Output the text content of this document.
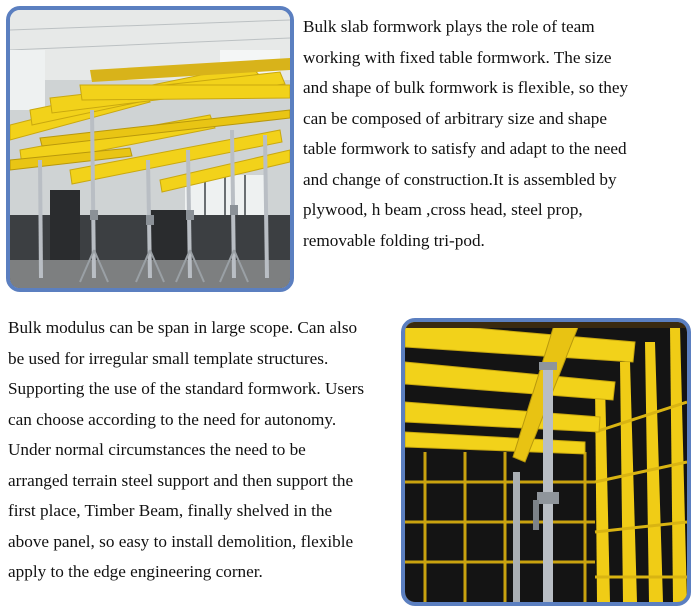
Bulk slab formwork plays the role of team
working with fixed table formwork. The size
and shape of bulk formwork is flexible, so they
can be composed of arbitrary size and shape
table formwork to satisfy and adapt to the need
and change of construction.It is assembled by
plywood, h beam ,cross head, steel prop,
removable folding tri-pod.
Bulk modulus can be span in large scope. Can also
be used for irregular small template structures.
Supporting the use of the standard formwork. Users
can choose according to the need for autonomy.
Under normal circumstances the need to be
arranged terrain steel support and then support the
first place, Timber Beam, finally shelved in the
above panel, so easy to install demolition, flexible
apply to the edge engineering corner.
